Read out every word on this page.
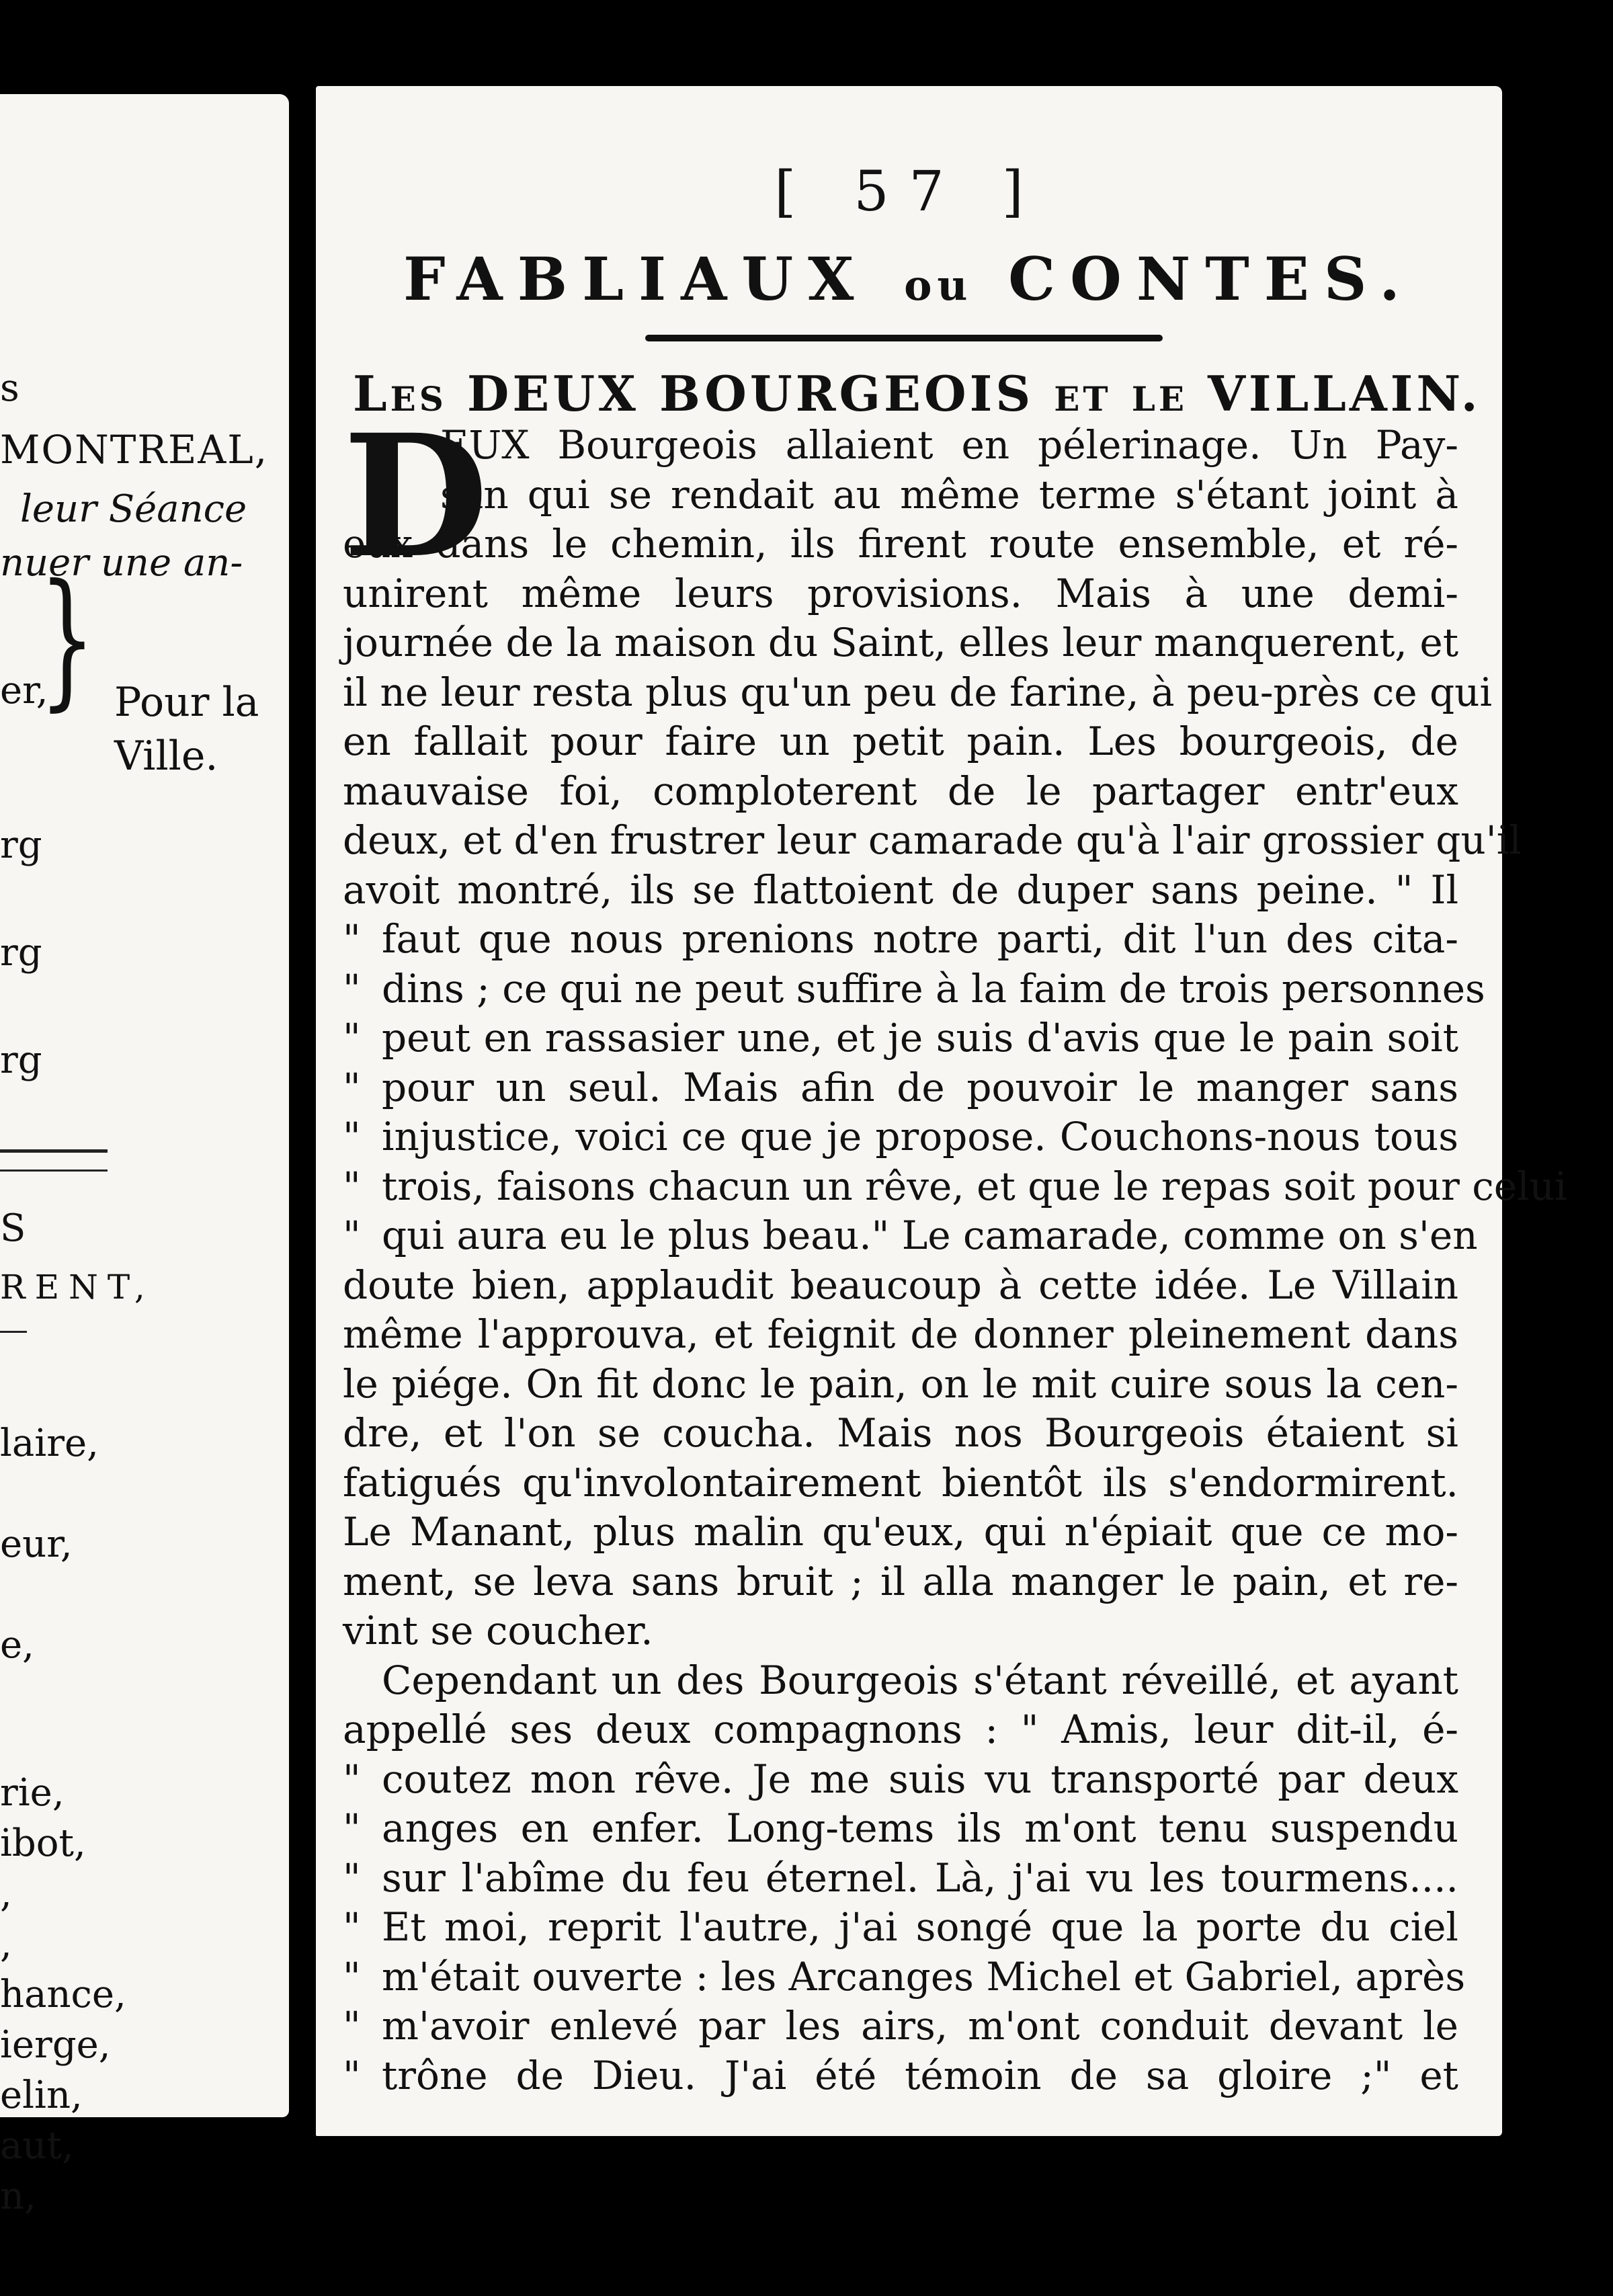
s
MONTREAL,
leur Séance
nuer une an-
er,
rg
rg
rg
S
RENT,
laire,
eur,
e,
rie,
ibot,
,
,
hance,
ierge,
elin,
aut,
n,
} Pour la
Ville.
[ 57 ]
FABLIAUX ou CONTES.
Les DEUX BOURGEOIS et le VILLAIN.
D
EUX Bourgeois allaient en pélerinage. Un Pay-
san qui se rendait au même terme s'étant joint à
eux dans le chemin, ils firent route ensemble, et ré-
unirent même leurs provisions. Mais à une demi-
journée de la maison du Saint, elles leur manquerent, et
il ne leur resta plus qu'un peu de farine, à peu-près ce qui
en fallait pour faire un petit pain. Les bourgeois, de
mauvaise foi, comploterent de le partager entr'eux
deux, et d'en frustrer leur camarade qu'à l'air grossier qu'il
avoit montré, ils se flattoient de duper sans peine. " Il
" faut que nous prenions notre parti, dit l'un des cita-
" dins ; ce qui ne peut suffire à la faim de trois personnes
" peut en rassasier une, et je suis d'avis que le pain soit
" pour un seul. Mais afin de pouvoir le manger sans
" injustice, voici ce que je propose. Couchons-nous tous
" trois, faisons chacun un rêve, et que le repas soit pour celui
" qui aura eu le plus beau." Le camarade, comme on s'en
doute bien, applaudit beaucoup à cette idée. Le Villain
même l'approuva, et feignit de donner pleinement dans
le piége. On fit donc le pain, on le mit cuire sous la cen-
dre, et l'on se coucha. Mais nos Bourgeois étaient si
fatigués qu'involontairement bientôt ils s'endormirent.
Le Manant, plus malin qu'eux, qui n'épiait que ce mo-
ment, se leva sans bruit ; il alla manger le pain, et re-
vint se coucher.
Cependant un des Bourgeois s'étant réveillé, et ayant
appellé ses deux compagnons : " Amis, leur dit-il, é-
" coutez mon rêve. Je me suis vu transporté par deux
" anges en enfer. Long-tems ils m'ont tenu suspendu
" sur l'abîme du feu éternel. Là, j'ai vu les tourmens....
" Et moi, reprit l'autre, j'ai songé que la porte du ciel
" m'était ouverte : les Arcanges Michel et Gabriel, après
" m'avoir enlevé par les airs, m'ont conduit devant le
" trône de Dieu. J'ai été témoin de sa gloire ;" et
